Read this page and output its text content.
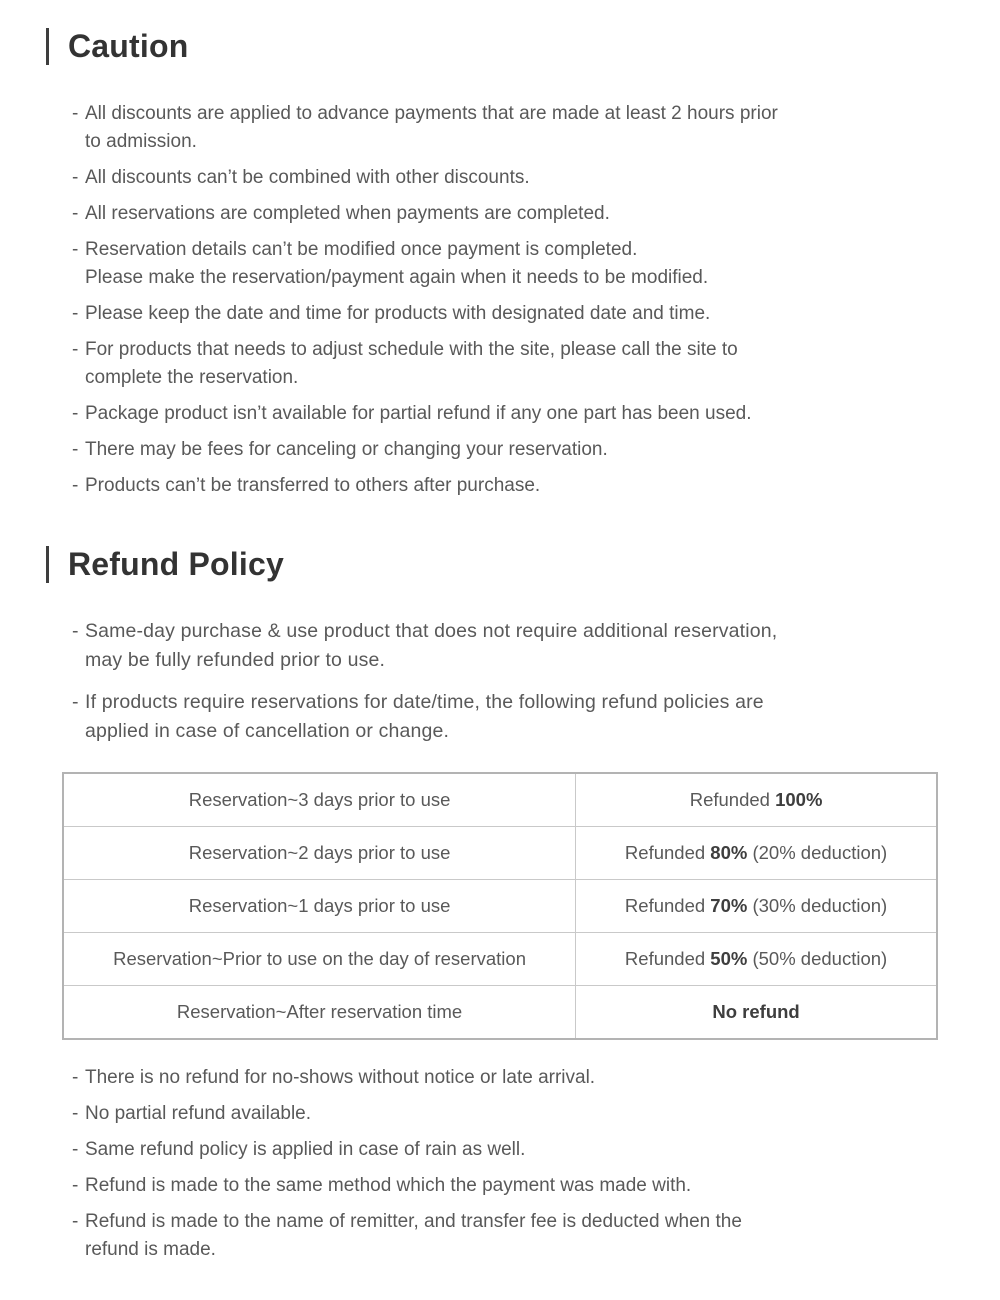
Caution
- All discounts are applied to advance payments that are made at least 2 hours prior
to admission.
- All discounts can’t be combined with other discounts.
- All reservations are completed when payments are completed.
- Reservation details can’t be modified once payment is completed.
Please make the reservation/payment again when it needs to be modified.
- Please keep the date and time for products with designated date and time.
- For products that needs to adjust schedule with the site, please call the site to
complete the reservation.
- Package product isn’t available for partial refund if any one part has been used.
- There may be fees for canceling or changing your reservation.
- Products can’t be transferred to others after purchase.
Refund Policy
- Same-day purchase & use product that does not require additional reservation,
may be fully refunded prior to use.
- If products require reservations for date/time, the following refund policies are
applied in case of cancellation or change.
Reservation~3 days prior to use	Refunded 100%
Reservation~2 days prior to use	Refunded 80% (20% deduction)
Reservation~1 days prior to use	Refunded 70% (30% deduction)
Reservation~Prior to use on the day of reservation	Refunded 50% (50% deduction)
Reservation~After reservation time	No refund
- There is no refund for no-shows without notice or late arrival.
- No partial refund available.
- Same refund policy is applied in case of rain as well.
- Refund is made to the same method which the payment was made with.
- Refund is made to the name of remitter, and transfer fee is deducted when the
refund is made.
